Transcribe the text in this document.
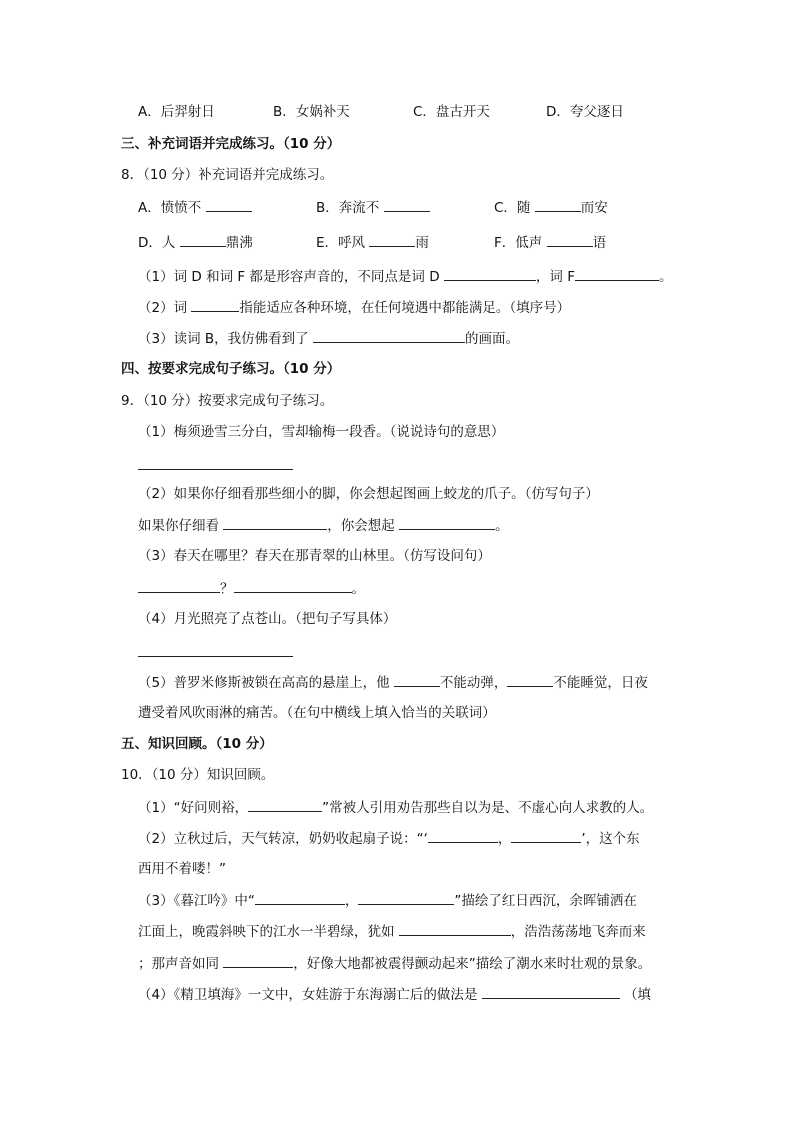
A．后羿射日	B．女娲补天	C．盘古开天	D．夸父逐日
三、补充词语并完成练习。（10 分）
8．（10 分）补充词语并完成练习。
A．愤愤不	B．奔流不	C．随	而安
D．人	鼎沸	E．呼风	雨	F．低声	语
（1）词 D 和词 F 都是形容声音的，不同点是词 D	，词 F	。
（2）词	指能适应各种环境，在任何境遇中都能满足。（填序号）
（3）读词 B，我仿佛看到了	的画面。
四、按要求完成句子练习。（10 分）
9．（10 分）按要求完成句子练习。
（1）梅须逊雪三分白，雪却输梅一段香。（说说诗句的意思）
（2）如果你仔细看那些细小的脚，你会想起图画上蛟龙的爪子。（仿写句子）
如果你仔细看	，你会想起	。
（3）春天在哪里？春天在那青翠的山林里。（仿写设问句）
？	。
（4）月光照亮了点苍山。（把句子写具体）
（5）普罗米修斯被锁在高高的悬崖上，他	不能动弹，	不能睡觉，日夜
遭受着风吹雨淋的痛苦。（在句中横线上填入恰当的关联词）
五、知识回顾。（10 分）
10．（10 分）知识回顾。
（1）“好问则裕，	”常被人引用劝告那些自以为是、不虚心向人求教的人。
（2）立秋过后，天气转凉，奶奶收起扇子说：“‘	，	’，这个东
西用不着喽！”
（3）《暮江吟》中“	，	”描绘了红日西沉，余晖铺洒在
江面上，晚霞斜映下的江水一半碧绿，犹如	，浩浩荡荡地飞奔而来
；那声音如同	，好像大地都被震得颤动起来”描绘了潮水来时壮观的景象。
（4）《精卫填海》一文中，女娃游于东海溺亡后的做法是	（填
